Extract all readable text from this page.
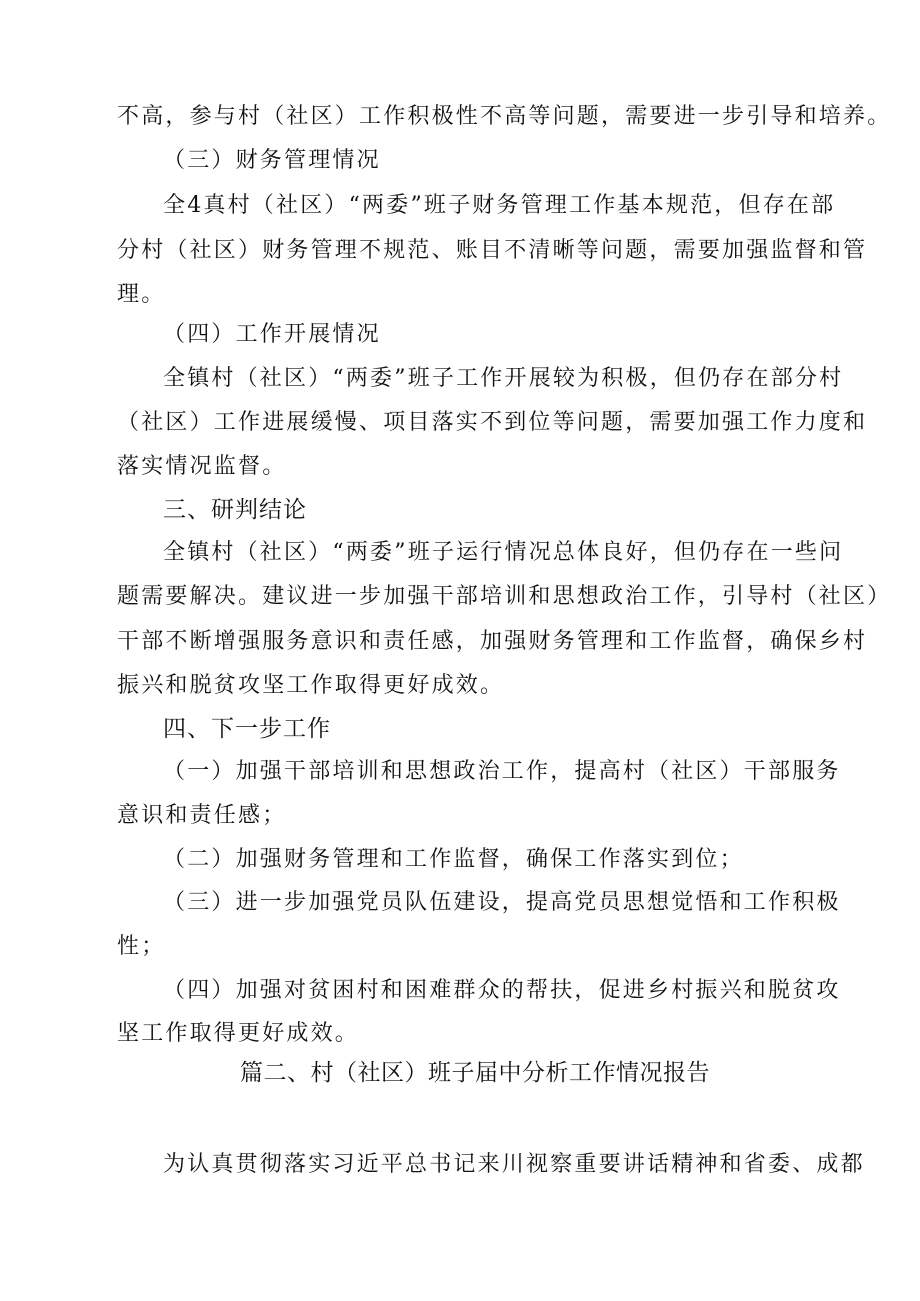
不高，参与村（社区）工作积极性不高等问题，需要进一步引导和培养。
（三）财务管理情况
全4真村（社区）“两委”班子财务管理工作基本规范，但存在部
分村（社区）财务管理不规范、账目不清晰等问题，需要加强监督和管
理。
（四）工作开展情况
全镇村（社区）“两委”班子工作开展较为积极，但仍存在部分村
（社区）工作进展缓慢、项目落实不到位等问题，需要加强工作力度和
落实情况监督。
三、研判结论
全镇村（社区）“两委”班子运行情况总体良好，但仍存在一些问
题需要解决。建议进一步加强干部培训和思想政治工作，引导村（社区）
干部不断增强服务意识和责任感，加强财务管理和工作监督，确保乡村
振兴和脱贫攻坚工作取得更好成效。
四、下一步工作
（一）加强干部培训和思想政治工作，提高村（社区）干部服务
意识和责任感；
（二）加强财务管理和工作监督，确保工作落实到位；
（三）进一步加强党员队伍建设，提高党员思想觉悟和工作积极
性；
（四）加强对贫困村和困难群众的帮扶，促进乡村振兴和脱贫攻
坚工作取得更好成效。
篇二、村（社区）班子届中分析工作情况报告
为认真贯彻落实习近平总书记来川视察重要讲话精神和省委、成都
